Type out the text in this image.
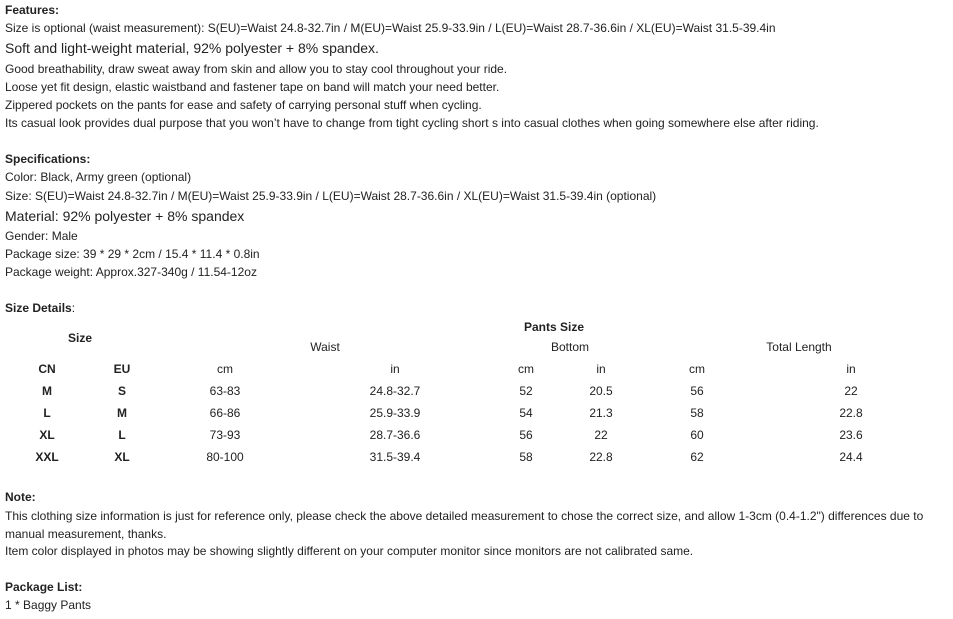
Features:
Size is optional (waist measurement): S(EU)=Waist 24.8-32.7in / M(EU)=Waist 25.9-33.9in / L(EU)=Waist 28.7-36.6in / XL(EU)=Waist 31.5-39.4in
Soft and light-weight material, 92% polyester + 8% spandex.
Good breathability, draw sweat away from skin and allow you to stay cool throughout your ride.
Loose yet fit design, elastic waistband and fastener tape on band will match your need better.
Zippered pockets on the pants for ease and safety of carrying personal stuff when cycling.
Its casual look provides dual purpose that you won’t have to change from tight cycling short s into casual clothes when going somewhere else after riding.
Specifications:
Color: Black, Army green (optional)
Size: S(EU)=Waist 24.8-32.7in / M(EU)=Waist 25.9-33.9in / L(EU)=Waist 28.7-36.6in / XL(EU)=Waist 31.5-39.4in (optional)
Material: 92% polyester + 8% spandex
Gender: Male
Package size: 39 * 29 * 2cm / 15.4 * 11.4 * 0.8in
Package weight: Approx.327-340g / 11.54-12oz
Size Details:
Size		Pants Size					
		Waist		Bottom		Total Length	
CN	EU	cm	in	cm	in	cm	in
M	S	63-83	24.8-32.7	52	20.5	56	22
L	M	66-86	25.9-33.9	54	21.3	58	22.8
XL	L	73-93	28.7-36.6	56	22	60	23.6
XXL	XL	80-100	31.5-39.4	58	22.8	62	24.4
Note:
This clothing size information is just for reference only, please check the above detailed measurement to chose the correct size, and allow 1-3cm (0.4-1.2") differences due to manual measurement, thanks.
Item color displayed in photos may be showing slightly different on your computer monitor since monitors are not calibrated same.
Package List:
1 * Baggy Pants
